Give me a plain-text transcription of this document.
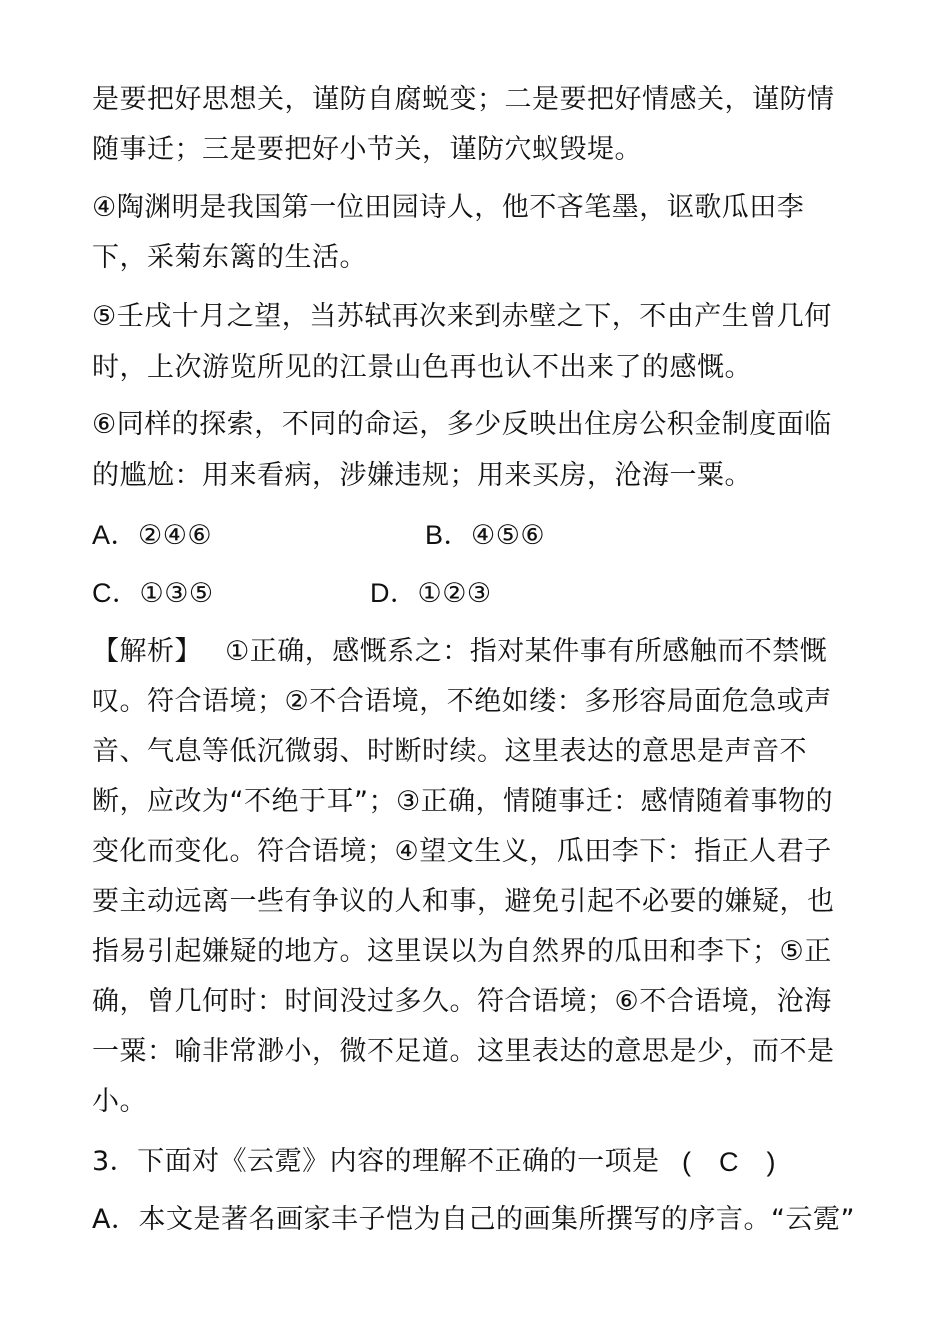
是要把好思想关，谨防自腐蜕变；二是要把好情感关，谨防情
随事迁；三是要把好小节关，谨防穴蚁毁堤。
④陶渊明是我国第一位田园诗人，他不吝笔墨，讴歌瓜田李
下，采菊东篱的生活。
⑤壬戌十月之望，当苏轼再次来到赤壁之下，不由产生曾几何
时，上次游览所见的江景山色再也认不出来了的感慨。
⑥同样的探索，不同的命运，多少反映出住房公积金制度面临
的尴尬：用来看病，涉嫌违规；用来买房，沧海一粟。
A．②④⑥	B．④⑤⑥
C．①③⑤	D．①②③
【解析】　 ①正确，感慨系之：指对某件事有所感触而不禁慨
叹。符合语境；②不合语境，不绝如缕：多形容局面危急或声
音、气息等低沉微弱、时断时续。这里表达的意思是声音不
断，应改为“不绝于耳”；③正确，情随事迁：感情随着事物的
变化而变化。符合语境；④望文生义，瓜田李下：指正人君子
要主动远离一些有争议的人和事，避免引起不必要的嫌疑，也
指易引起嫌疑的地方。这里误以为自然界的瓜田和李下；⑤正
确，曾几何时：时间没过多久。符合语境；⑥不合语境，沧海
一粟：喻非常渺小，微不足道。这里表达的意思是少，而不是
小。
3．下面对《云霓》内容的理解不正确的一项是 (　C　)
A．本文是著名画家丰子恺为自己的画集所撰写的序言。“云霓”
